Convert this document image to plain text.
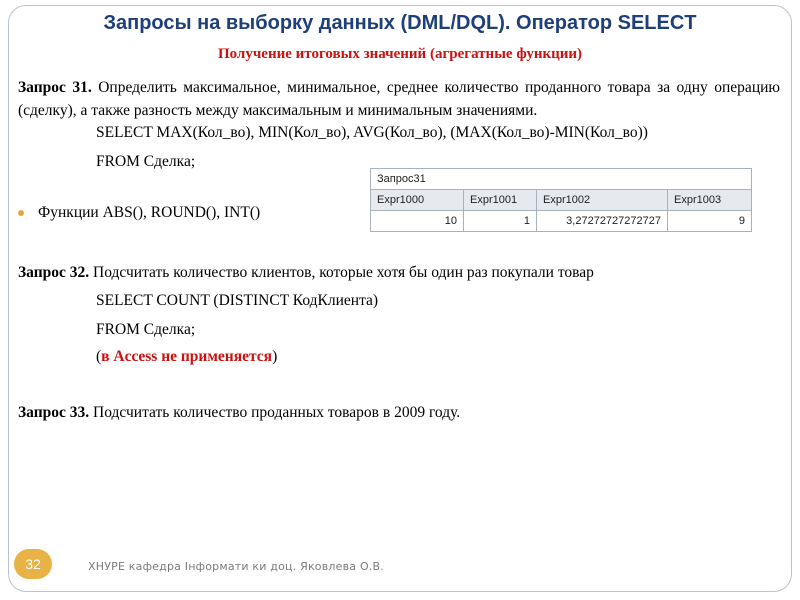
Запросы на выборку данных (DML/DQL). Оператор SELECT
Получение итоговых значений (агрегатные функции)
Запрос 31. Определить максимальное, минимальное, среднее количество проданного товара за одну операцию (сделку), а также разность между максимальным и минимальным значениями.
SELECT MAX(Кол_во), MIN(Кол_во), AVG(Кол_во), (MAX(Кол_во)-MIN(Кол_во))
FROM Сделка;
Функции ABS(), ROUND(), INT()
Запрос31			
Expr1000	Expr1001	Expr1002	Expr1003
10	1	3,27272727272727	9
Запрос 32. Подсчитать количество клиентов, которые хотя бы один раз покупали товар
SELECT COUNT (DISTINCT КодКлиента)
FROM Сделка;
(в Access не применяется)
Запрос 33. Подсчитать количество проданных товаров в 2009 году.
32	ХНУРЕ кафедра Інформати ки доц. Яковлева О.В.
